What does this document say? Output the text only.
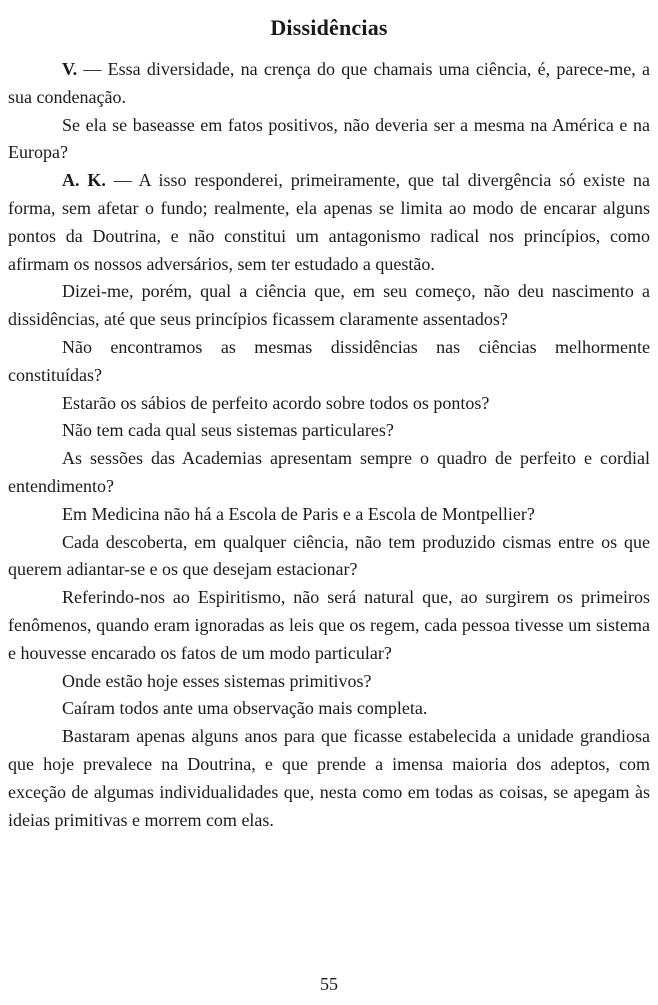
Dissidências

V. — Essa diversidade, na crença do que chamais uma ciência, é, parece-me, a sua condenação.

Se ela se baseasse em fatos positivos, não deveria ser a mesma na América e na Europa?

A. K. — A isso responderei, primeiramente, que tal divergência só existe na forma, sem afetar o fundo; realmente, ela apenas se limita ao modo de encarar alguns pontos da Doutrina, e não constitui um antagonismo radical nos princípios, como afirmam os nossos adversários, sem ter estudado a questão.

Dizei-me, porém, qual a ciência que, em seu começo, não deu nascimento a dissidências, até que seus princípios ficassem claramente assentados?

Não encontramos as mesmas dissidências nas ciências melhormente constituídas?

Estarão os sábios de perfeito acordo sobre todos os pontos?

Não tem cada qual seus sistemas particulares?

As sessões das Academias apresentam sempre o quadro de perfeito e cordial entendimento?

Em Medicina não há a Escola de Paris e a Escola de Montpellier?

Cada descoberta, em qualquer ciência, não tem produzido cismas entre os que querem adiantar-se e os que desejam estacionar?

Referindo-nos ao Espiritismo, não será natural que, ao surgirem os primeiros fenômenos, quando eram ignoradas as leis que os regem, cada pessoa tivesse um sistema e houvesse encarado os fatos de um modo particular?

Onde estão hoje esses sistemas primitivos?

Caíram todos ante uma observação mais completa.

Bastaram apenas alguns anos para que ficasse estabelecida a unidade grandiosa que hoje prevalece na Doutrina, e que prende a imensa maioria dos adeptos, com exceção de algumas individualidades que, nesta como em todas as coisas, se apegam às ideias primitivas e morrem com elas.

55
